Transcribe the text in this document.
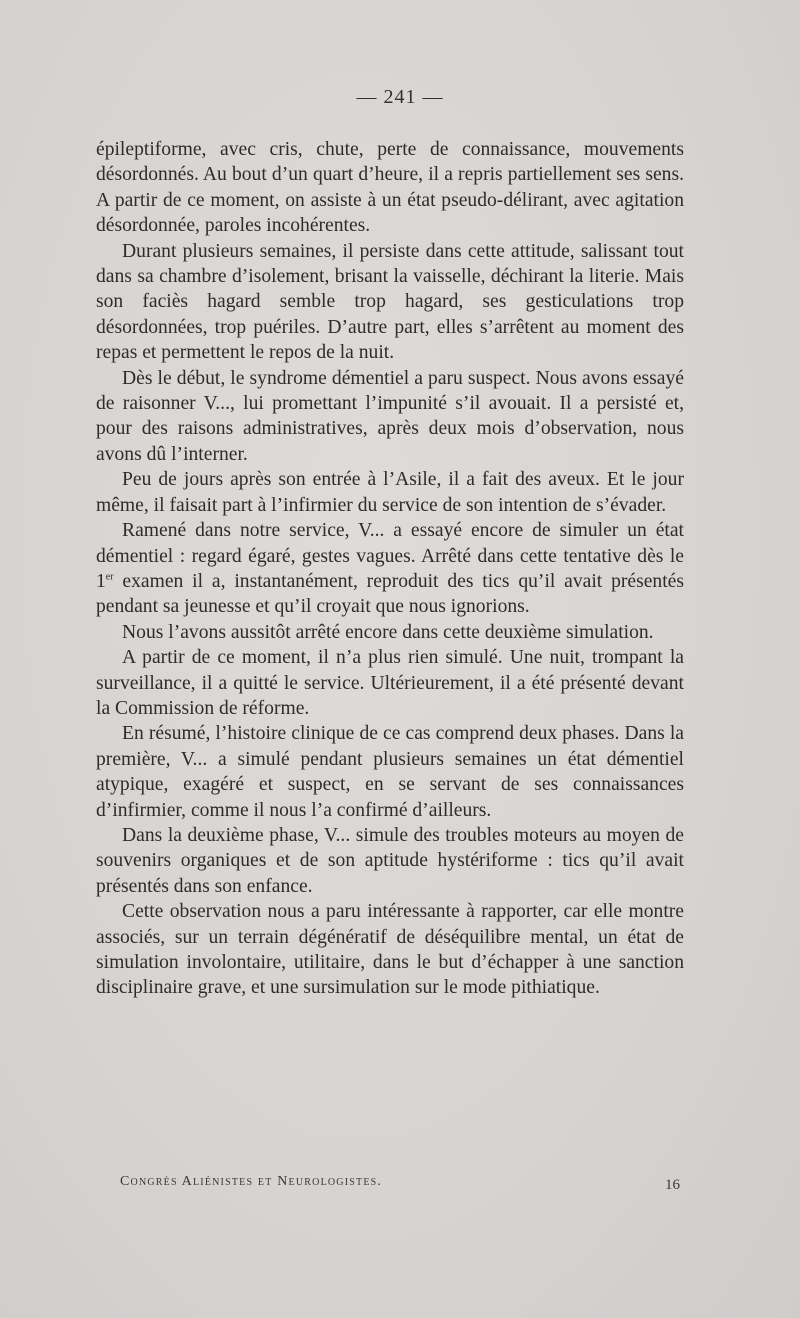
— 241 —

épileptiforme, avec cris, chute, perte de connaissance, mouvements désordonnés. Au bout d’un quart d’heure, il a repris partiellement ses sens. A partir de ce moment, on assiste à un état pseudo-délirant, avec agitation désordonnée, paroles incohérentes.

Durant plusieurs semaines, il persiste dans cette attitude, salissant tout dans sa chambre d’isolement, brisant la vaisselle, déchirant la literie. Mais son faciès hagard semble trop hagard, ses gesticulations trop désordonnées, trop puériles. D’autre part, elles s’arrêtent au moment des repas et permettent le repos de la nuit.

Dès le début, le syndrome démentiel a paru suspect. Nous avons essayé de raisonner V..., lui promettant l’impunité s’il avouait. Il a persisté et, pour des raisons administratives, après deux mois d’observation, nous avons dû l’interner.

Peu de jours après son entrée à l’Asile, il a fait des aveux. Et le jour même, il faisait part à l’infirmier du service de son intention de s’évader.

Ramené dans notre service, V... a essayé encore de simuler un état démentiel : regard égaré, gestes vagues. Arrêté dans cette tentative dès le 1er examen il a, instantanément, reproduit des tics qu’il avait présentés pendant sa jeunesse et qu’il croyait que nous ignorions.

Nous l’avons aussitôt arrêté encore dans cette deuxième simulation.

A partir de ce moment, il n’a plus rien simulé. Une nuit, trompant la surveillance, il a quitté le service. Ultérieurement, il a été présenté devant la Commission de réforme.

En résumé, l’histoire clinique de ce cas comprend deux phases. Dans la première, V... a simulé pendant plusieurs semaines un état démentiel atypique, exagéré et suspect, en se servant de ses connaissances d’infirmier, comme il nous l’a confirmé d’ailleurs.

Dans la deuxième phase, V... simule des troubles moteurs au moyen de souvenirs organiques et de son aptitude hystériforme : tics qu’il avait présentés dans son enfance.

Cette observation nous a paru intéressante à rapporter, car elle montre associés, sur un terrain dégénératif de déséquilibre mental, un état de simulation involontaire, utilitaire, dans le but d’échapper à une sanction disciplinaire grave, et une sursimulation sur le mode pithiatique.

Congrès Aliénistes et Neurologistes.	16
